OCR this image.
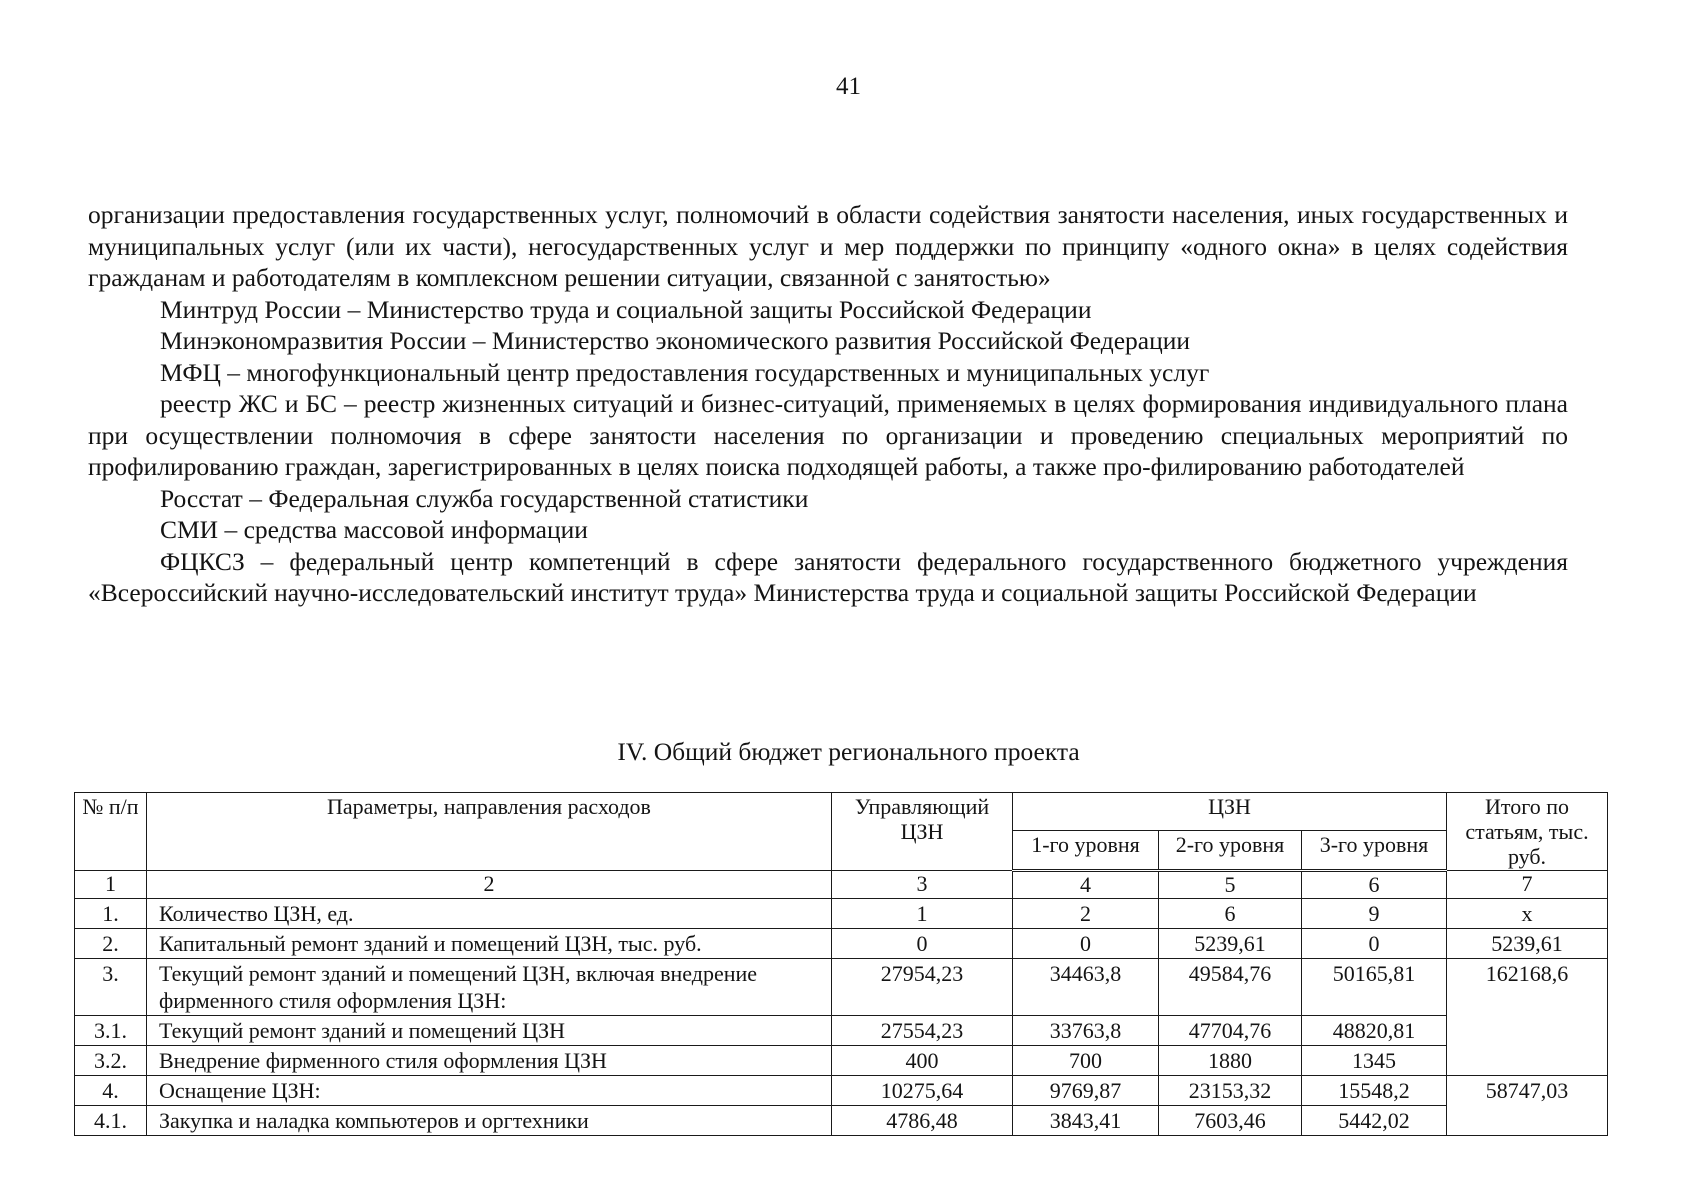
41

организации предоставления государственных услуг, полномочий в области содействия занятости населения, иных государственных и муниципальных услуг (или их части), негосударственных услуг и мер поддержки по принципу «одного окна» в целях содействия гражданам и работодателям в комплексном решении ситуации, связанной с занятостью»

Минтруд России – Министерство труда и социальной защиты Российской Федерации

Минэкономразвития России – Министерство экономического развития Российской Федерации

МФЦ – многофункциональный центр предоставления государственных и муниципальных услуг

реестр ЖС и БС – реестр жизненных ситуаций и бизнес-ситуаций, применяемых в целях формирования индивидуального плана при осуществлении полномочия в сфере занятости населения по организации и проведению специальных мероприятий по профилированию граждан, зарегистрированных в целях поиска подходящей работы, а также про-филированию работодателей

Росстат – Федеральная служба государственной статистики

СМИ – средства массовой информации

ФЦКСЗ – федеральный центр компетенций в сфере занятости федерального государственного бюджетного учреждения «Всероссийский научно-исследовательский институт труда» Министерства труда и социальной защиты Российской Федерации

IV. Общий бюджет регионального проекта
№ п/п	Параметры, направления расходов	Управляющий ЦЗН	ЦЗН			Итого по статьям, тыс. руб.
			1-го уровня	2-го уровня	3-го уровня	
1	2	3	4	5	6	7
1.	Количество ЦЗН, ед.	1	2	6	9	х
2.	Капитальный ремонт зданий и помещений ЦЗН, тыс. руб.	0	0	5239,61	0	5239,61
3.	Текущий ремонт зданий и помещений ЦЗН, включая внедрение фирменного стиля оформления ЦЗН:	27954,23	34463,8	49584,76	50165,81	162168,6
3.1.	Текущий ремонт зданий и помещений ЦЗН	27554,23	33763,8	47704,76	48820,81	
3.2.	Внедрение фирменного стиля оформления ЦЗН	400	700	1880	1345	
4.	Оснащение ЦЗН:	10275,64	9769,87	23153,32	15548,2	58747,03
4.1.	Закупка и наладка компьютеров и оргтехники	4786,48	3843,41	7603,46	5442,02	
